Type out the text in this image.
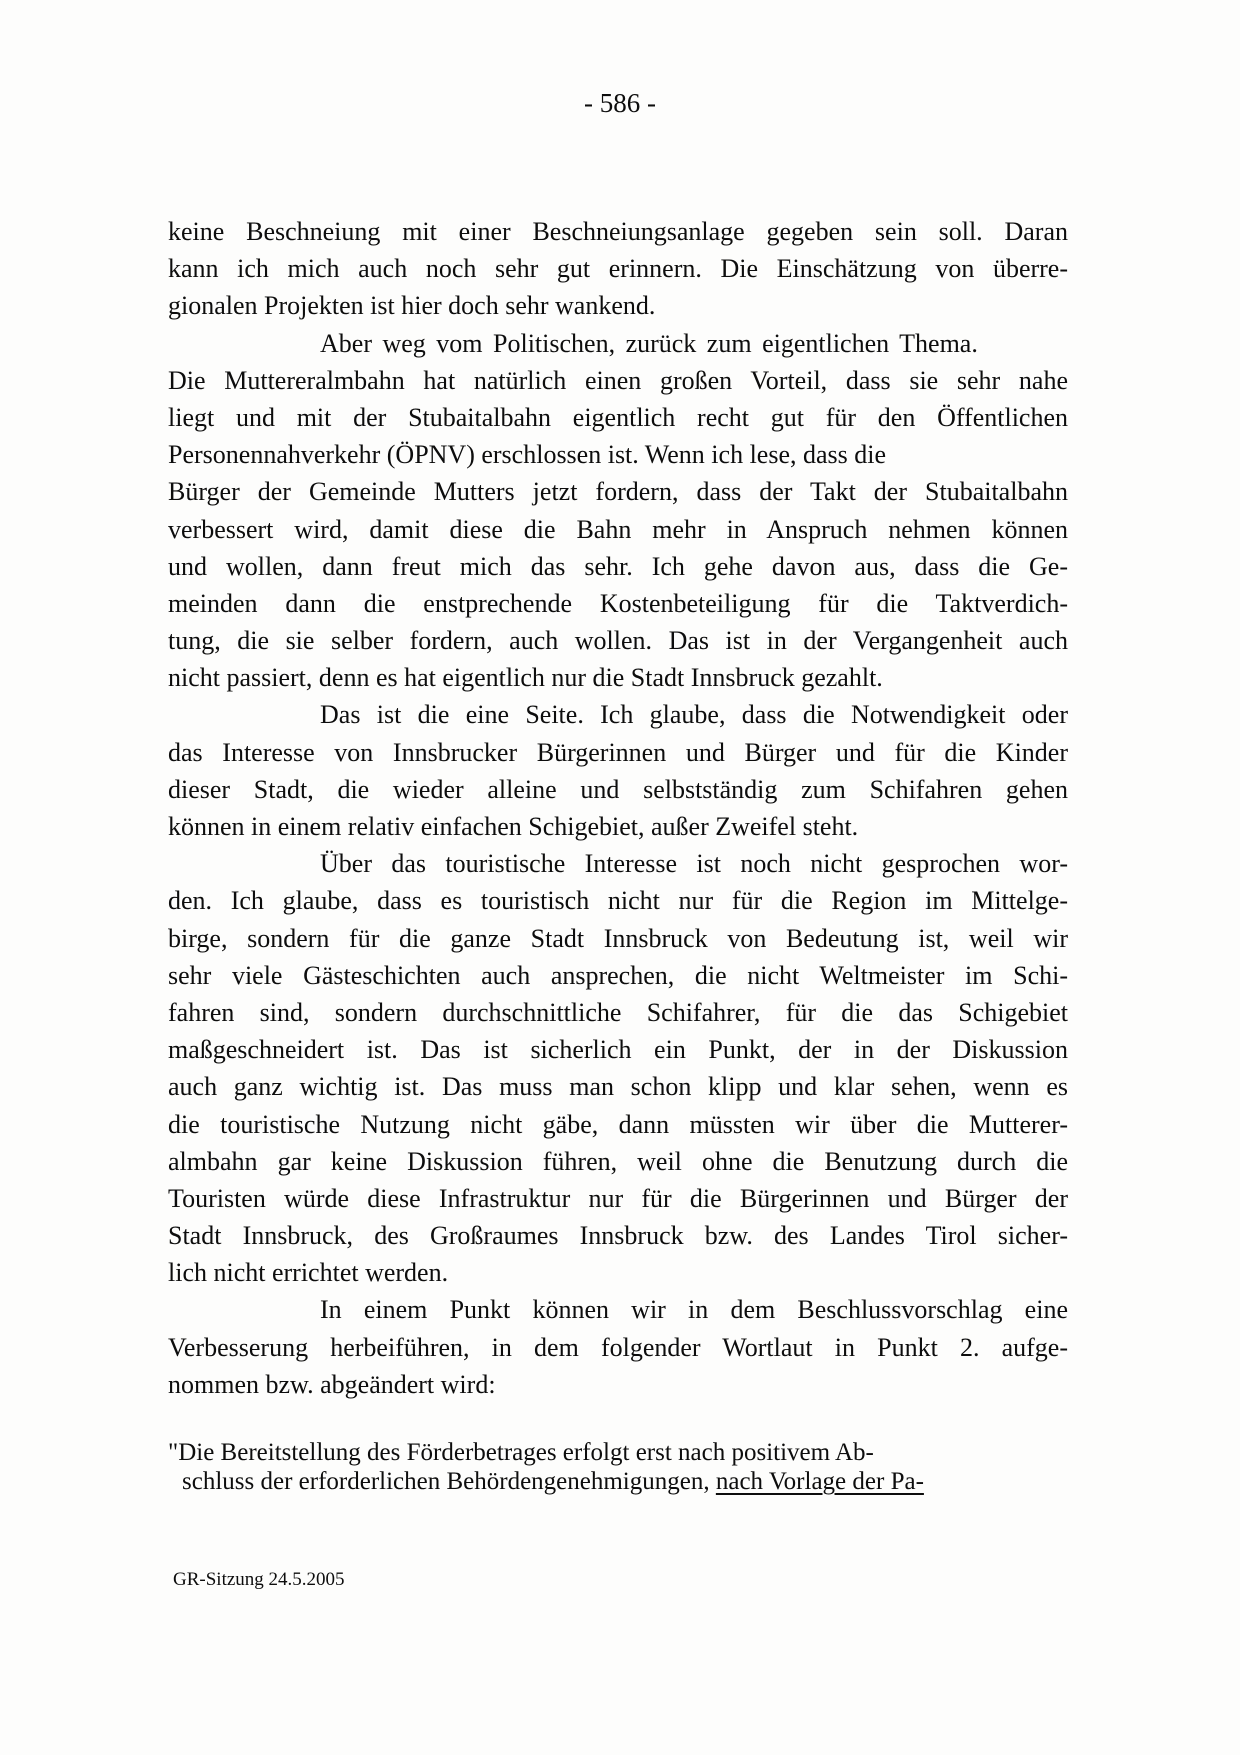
- 586 -
keine Beschneiung mit einer Beschneiungsanlage gegeben sein soll. Daran
kann ich mich auch noch sehr gut erinnern. Die Einschätzung von überre-
gionalen Projekten ist hier doch sehr wankend.
Aber weg vom Politischen, zurück zum eigentlichen Thema.
Die Muttereralmbahn hat natürlich einen großen Vorteil, dass sie sehr nahe
liegt und mit der Stubaitalbahn eigentlich recht gut für den Öffentlichen
Personennahverkehr (ÖPNV) erschlossen ist. Wenn ich lese, dass die
Bürger der Gemeinde Mutters jetzt fordern, dass der Takt der Stubaitalbahn
verbessert wird, damit diese die Bahn mehr in Anspruch nehmen können
und wollen, dann freut mich das sehr. Ich gehe davon aus, dass die Ge-
meinden dann die enstprechende Kostenbeteiligung für die Taktverdich-
tung, die sie selber fordern, auch wollen. Das ist in der Vergangenheit auch
nicht passiert, denn es hat eigentlich nur die Stadt Innsbruck gezahlt.
Das ist die eine Seite. Ich glaube, dass die Notwendigkeit oder
das Interesse von Innsbrucker Bürgerinnen und Bürger und für die Kinder
dieser Stadt, die wieder alleine und selbstständig zum Schifahren gehen
können in einem relativ einfachen Schigebiet, außer Zweifel steht.
Über das touristische Interesse ist noch nicht gesprochen wor-
den. Ich glaube, dass es touristisch nicht nur für die Region im Mittelge-
birge, sondern für die ganze Stadt Innsbruck von Bedeutung ist, weil wir
sehr viele Gästeschichten auch ansprechen, die nicht Weltmeister im Schi-
fahren sind, sondern durchschnittliche Schifahrer, für die das Schigebiet
maßgeschneidert ist. Das ist sicherlich ein Punkt, der in der Diskussion
auch ganz wichtig ist. Das muss man schon klipp und klar sehen, wenn es
die touristische Nutzung nicht gäbe, dann müssten wir über die Mutterer-
almbahn gar keine Diskussion führen, weil ohne die Benutzung durch die
Touristen würde diese Infrastruktur nur für die Bürgerinnen und Bürger der
Stadt Innsbruck, des Großraumes Innsbruck bzw. des Landes Tirol sicher-
lich nicht errichtet werden.
In einem Punkt können wir in dem Beschlussvorschlag eine
Verbesserung herbeiführen, in dem folgender Wortlaut in Punkt 2. aufge-
nommen bzw. abgeändert wird:
"Die Bereitstellung des Förderbetrages erfolgt erst nach positivem Ab-
schluss der erforderlichen Behördengenehmigungen, nach Vorlage der Pa-
GR-Sitzung 24.5.2005
